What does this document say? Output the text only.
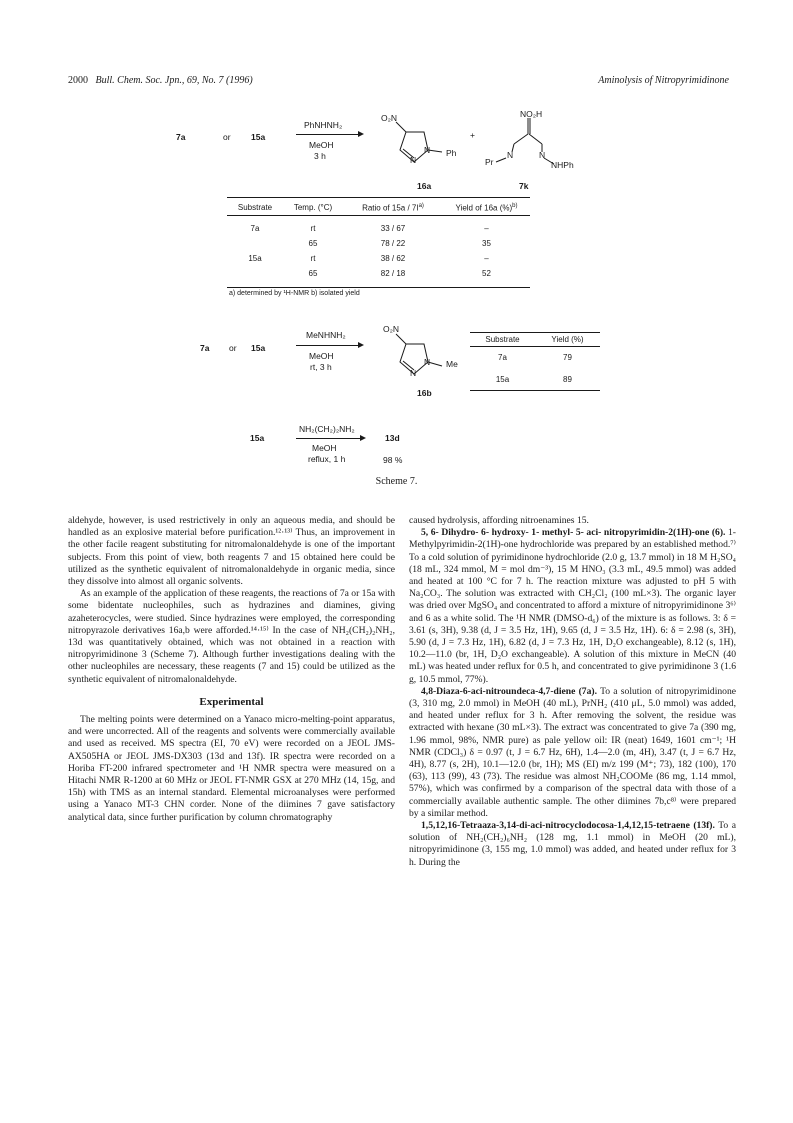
2000 Bull. Chem. Soc. Jpn., 69, No. 7 (1996)	Aminolysis of Nitropyrimidinone
7a	or 15a
PhNHNH₂
MeOH
3 h
O₂N
N
N
Ph
+
NO₂H
Pr
N	N
NHPh
16a	7k
Substrate	Temp. (°C)	Ratio of $15a / 7I^{a)}$	Yield of 16a (%)$^{b)}$

7a	rt	33 / 67	–
	65	78 / 22	35
15a	rt	38 / 62	–
	65	82 / 18	52
a) determined by ¹H-NMR b) isolated yield
7a or 15a
MeNHNH₂
MeOH
rt, 3 h
O₂N
N
N
Me
16b
Substrate	Yield (%)
7a	79
15a	89
15a
NH₂(CH₂)₂NH₂
MeOH
reflux, 1 h
13d
98 %
Scheme 7.

aldehyde, however, is used restrictively in only an aqueous media, and should be handled as an explosive material before purification.¹²·¹³⁾ Thus, an improvement in the other facile reagent substituting for nitromalonaldehyde is one of the important subjects. From this point of view, both reagents 7 and 15 obtained here could be utilized as the synthetic equivalent of nitromalonaldehyde in organic media, since they dissolve into almost all organic solvents.

As an example of the application of these reagents, the reactions of 7a or 15a with some bidentate nucleophiles, such as hydrazines and diamines, giving azaheterocycles, were studied. Since hydrazines were employed, the corresponding nitropyrazole derivatives 16a,b were afforded.¹⁴·¹⁵⁾ In the case of NH₂(CH₂)₂NH₂, 13d was quantitatively obtained, which was not obtained in a reaction with nitropyrimidinone 3 (Scheme 7). Although further investigations dealing with the other nucleophiles are necessary, these reagents (7 and 15) could be utilized as the synthetic equivalent of nitromalonaldehyde.

Experimental

The melting points were determined on a Yanaco micro-melting-point apparatus, and were uncorrected. All of the reagents and solvents were commercially available and used as received. MS spectra (EI, 70 eV) were recorded on a JEOL JMS-AX505HA or JEOL JMS-DX303 (13d and 13f). IR spectra were recorded on a Horiba FT-200 infrared spectrometer and ¹H NMR spectra were measured on a Hitachi NMR R-1200 at 60 MHz or JEOL FT-NMR GSX at 270 MHz (14, 15g, and 15h) with TMS as an internal standard. Elemental microanalyses were performed using a Yanaco MT-3 CHN corder. None of the diimines 7 gave satisfactory analytical data, since further purification by column chromatography

caused hydrolysis, affording nitroenamines 15.

5, 6- Dihydro- 6- hydroxy- 1- methyl- 5- aci- nitropyrimidin-2(1H)-one (6). 1-Methylpyrimidin-2(1H)-one hydrochloride was prepared by an established method.⁷⁾ To a cold solution of pyrimidinone hydrochloride (2.0 g, 13.7 mmol) in 18 M H₂SO₄ (18 mL, 324 mmol, M = mol dm⁻³), 15 M HNO₃ (3.3 mL, 49.5 mmol) was added and heated at 100 °C for 7 h. The reaction mixture was adjusted to pH 5 with Na₂CO₃. The solution was extracted with CH₂Cl₂ (100 mL×3). The organic layer was dried over MgSO₄ and concentrated to afford a mixture of nitropyrimidinone 3⁶⁾ and 6 as a white solid. The ¹H NMR (DMSO-d₆) of the mixture is as follows. 3: δ = 3.61 (s, 3H), 9.38 (d, J = 3.5 Hz, 1H), 9.65 (d, J = 3.5 Hz, 1H). 6: δ = 2.98 (s, 3H), 5.90 (d, J = 7.3 Hz, 1H), 6.82 (d, J = 7.3 Hz, 1H, D₂O exchangeable), 8.12 (s, 1H), 10.2—11.0 (br, 1H, D₂O exchangeable). A solution of this mixture in MeCN (40 mL) was heated under reflux for 0.5 h, and concentrated to give pyrimidinone 3 (1.6 g, 10.5 mmol, 77%).

4,8-Diaza-6-aci-nitroundeca-4,7-diene (7a). To a solution of nitropyrimidinone (3, 310 mg, 2.0 mmol) in MeOH (40 mL), PrNH₂ (410 μL, 5.0 mmol) was added, and heated under reflux for 3 h. After removing the solvent, the residue was extracted with hexane (30 mL×3). The extract was concentrated to give 7a (390 mg, 1.96 mmol, 98%, NMR pure) as pale yellow oil: IR (neat) 1649, 1601 cm⁻¹; ¹H NMR (CDCl₃) δ = 0.97 (t, J = 6.7 Hz, 6H), 1.4—2.0 (m, 4H), 3.47 (t, J = 6.7 Hz, 4H), 8.77 (s, 2H), 10.1—12.0 (br, 1H); MS (EI) m/z 199 (M⁺; 73), 182 (100), 170 (63), 113 (99), 43 (73). The residue was almost NH₂COOMe (86 mg, 1.14 mmol, 57%), which was confirmed by a comparison of the spectral data with those of a commercially available authentic sample. The other diimines 7b,c⁸⁾ were prepared by a similar method.

1,5,12,16-Tetraaza-3,14-di-aci-nitrocyclodocosa-1,4,12,15-tetraene (13f). To a solution of NH₂(CH₂)₆NH₂ (128 mg, 1.1 mmol) in MeOH (20 mL), nitropyrimidinone (3, 155 mg, 1.0 mmol) was added, and heated under reflux for 3 h. During the
